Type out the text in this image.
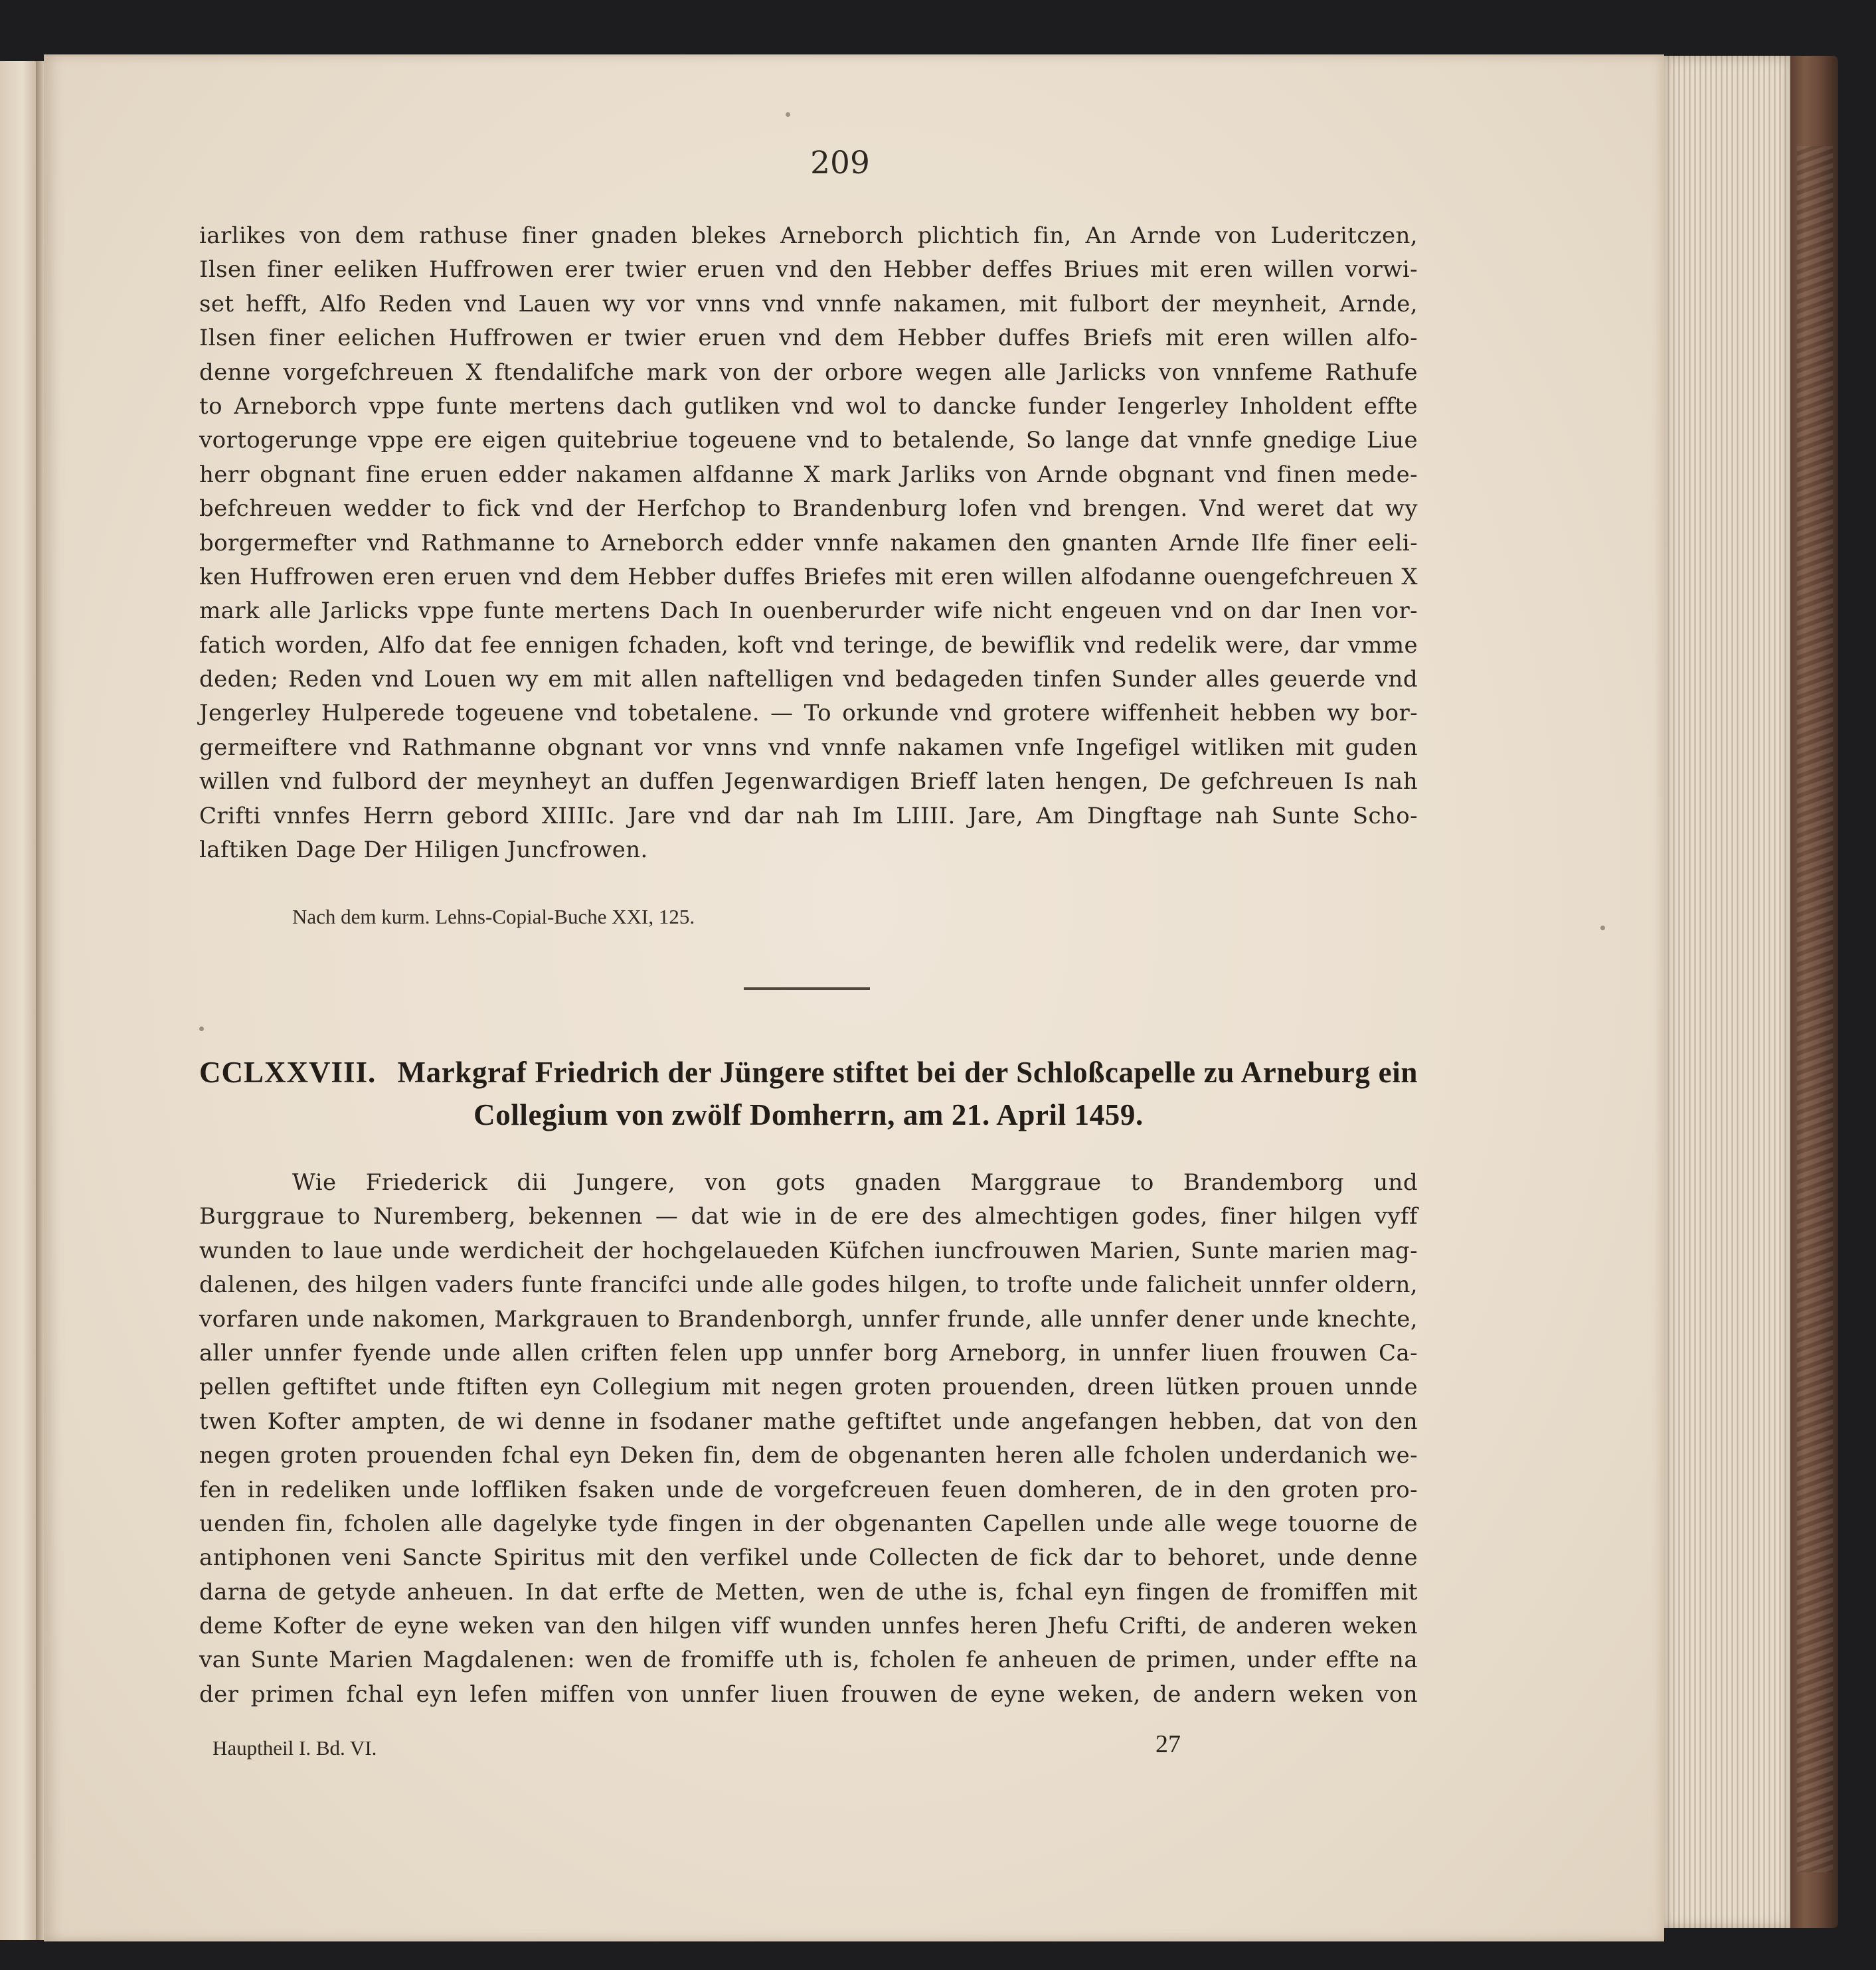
209
iarlikes von dem rathuse finer gnaden blekes Arneborch plichtich fin, An Arnde von Luderitczen,
Ilsen finer eeliken Huffrowen erer twier eruen vnd den Hebber deffes Briues mit eren willen vorwi-
set hefft, Alfo Reden vnd Lauen wy vor vnns vnd vnnfe nakamen, mit fulbort der meynheit, Arnde,
Ilsen finer eelichen Huffrowen er twier eruen vnd dem Hebber duffes Briefs mit eren willen alfo-
denne vorgefchreuen X ftendalifche mark von der orbore wegen alle Jarlicks von vnnfeme Rathufe
to Arneborch vppe funte mertens dach gutliken vnd wol to dancke funder Iengerley Inholdent effte
vortogerunge vppe ere eigen quitebriue togeuene vnd to betalende, So lange dat vnnfe gnedige Liue
herr obgnant fine eruen edder nakamen alfdanne X mark Jarliks von Arnde obgnant vnd finen mede-
befchreuen wedder to fick vnd der Herfchop to Brandenburg lofen vnd brengen. Vnd weret dat wy
borgermefter vnd Rathmanne to Arneborch edder vnnfe nakamen den gnanten Arnde Ilfe finer eeli-
ken Huffrowen eren eruen vnd dem Hebber duffes Briefes mit eren willen alfodanne ouengefchreuen X
mark alle Jarlicks vppe funte mertens Dach In ouenberurder wife nicht engeuen vnd on dar Inen vor-
fatich worden, Alfo dat fee ennigen fchaden, koft vnd teringe, de bewiflik vnd redelik were, dar vmme
deden; Reden vnd Louen wy em mit allen naftelligen vnd bedageden tinfen Sunder alles geuerde vnd
Jengerley Hulperede togeuene vnd tobetalene. — To orkunde vnd grotere wiffenheit hebben wy bor-
germeiftere vnd Rathmanne obgnant vor vnns vnd vnnfe nakamen vnfe Ingefigel witliken mit guden
willen vnd fulbord der meynheyt an duffen Jegenwardigen Brieff laten hengen, De gefchreuen Is nah
Crifti vnnfes Herrn gebord XIIIIc. Jare vnd dar nah Im LIIII. Jare, Am Dingftage nah Sunte Scho-
laftiken Dage Der Hiligen Juncfrowen.
Nach dem kurm. Lehns-Copial-Buche XXI, 125.
CCLXXVIII. Markgraf Friedrich der Jüngere stiftet bei der Schloßcapelle zu Arneburg ein
Collegium von zwölf Domherrn, am 21. April 1459.
Wie Friederick dii Jungere, von gots gnaden Marggraue to Brandemborg und
Burggraue to Nuremberg, bekennen — dat wie in de ere des almechtigen godes, finer hilgen vyff
wunden to laue unde werdicheit der hochgelaueden Küfchen iuncfrouwen Marien, Sunte marien mag-
dalenen, des hilgen vaders funte francifci unde alle godes hilgen, to trofte unde falicheit unnfer oldern,
vorfaren unde nakomen, Markgrauen to Brandenborgh, unnfer frunde, alle unnfer dener unde knechte,
aller unnfer fyende unde allen criften felen upp unnfer borg Arneborg, in unnfer liuen frouwen Ca-
pellen geftiftet unde ftiften eyn Collegium mit negen groten prouenden, dreen lütken prouen unnde
twen Kofter ampten, de wi denne in fsodaner mathe geftiftet unde angefangen hebben, dat von den
negen groten prouenden fchal eyn Deken fin, dem de obgenanten heren alle fcholen underdanich we-
fen in redeliken unde loffliken fsaken unde de vorgefcreuen feuen domheren, de in den groten pro-
uenden fin, fcholen alle dagelyke tyde fingen in der obgenanten Capellen unde alle wege touorne de
antiphonen veni Sancte Spiritus mit den verfikel unde Collecten de fick dar to behoret, unde denne
darna de getyde anheuen. In dat erfte de Metten, wen de uthe is, fchal eyn fingen de fromiffen mit
deme Kofter de eyne weken van den hilgen viff wunden unnfes heren Jhefu Crifti, de anderen weken
van Sunte Marien Magdalenen: wen de fromiffe uth is, fcholen fe anheuen de primen, under effte na
der primen fchal eyn lefen miffen von unnfer liuen frouwen de eyne weken, de andern weken von
Hauptheil I. Bd. VI.	27
